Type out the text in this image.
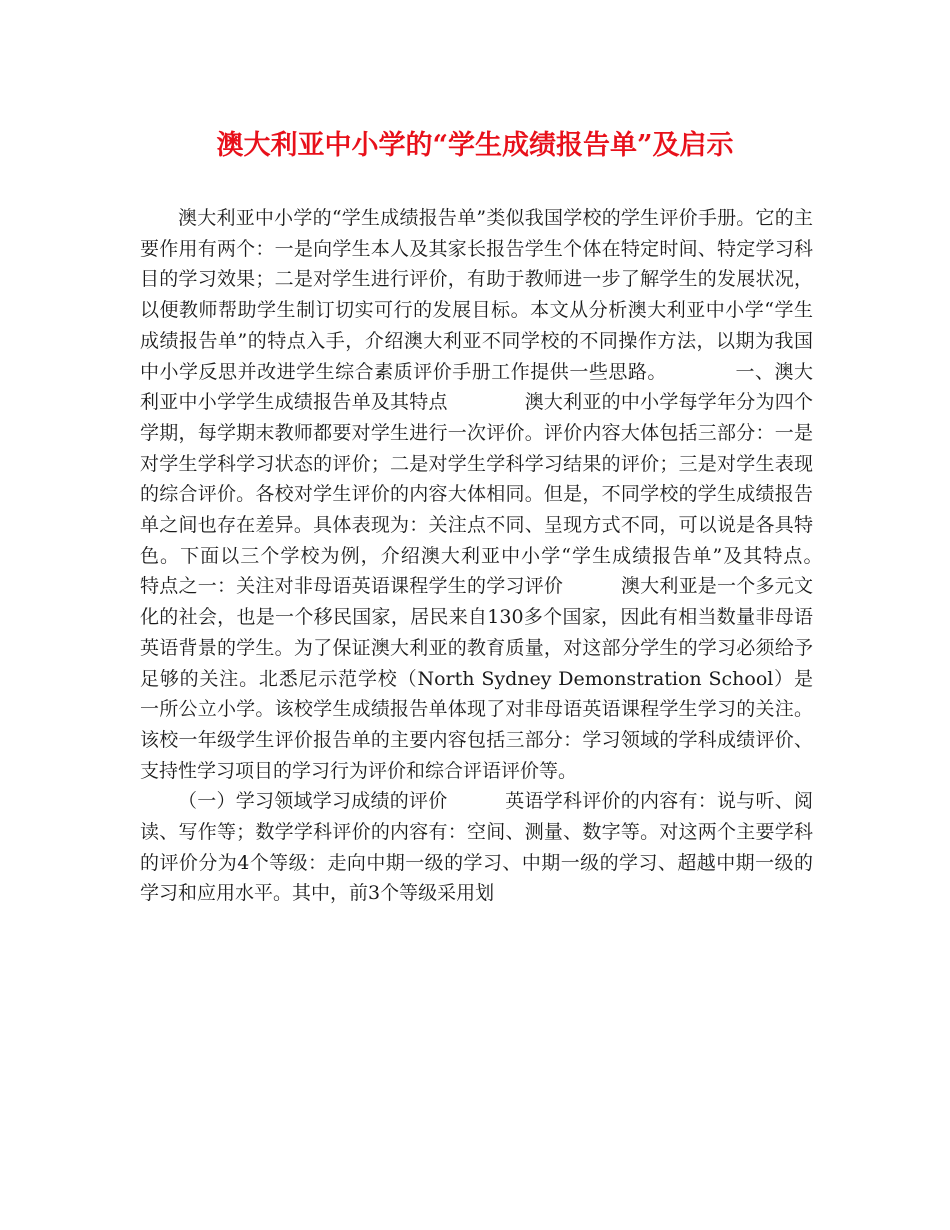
澳大利亚中小学的“学生成绩报告单”及启示

澳大利亚中小学的“学生成绩报告单”类似我国学校的学生评价手册。它的主要作用有两个：一是向学生本人及其家长报告学生个体在特定时间、特定学习科目的学习效果；二是对学生进行评价，有助于教师进一步了解学生的发展状况，以便教师帮助学生制订切实可行的发展目标。本文从分析澳大利亚中小学“学生成绩报告单”的特点入手，介绍澳大利亚不同学校的不同操作方法，以期为我国中小学反思并改进学生综合素质评价手册工作提供一些思路。　　　　一、澳大利亚中小学学生成绩报告单及其特点　　　　澳大利亚的中小学每学年分为四个学期，每学期末教师都要对学生进行一次评价。评价内容大体包括三部分：一是对学生学科学习状态的评价；二是对学生学科学习结果的评价；三是对学生表现的综合评价。各校对学生评价的内容大体相同。但是，不同学校的学生成绩报告单之间也存在差异。具体表现为：关注点不同、呈现方式不同，可以说是各具特色。下面以三个学校为例，介绍澳大利亚中小学“学生成绩报告单”及其特点。　　　特点之一：关注对非母语英语课程学生的学习评价　　　澳大利亚是一个多元文化的社会，也是一个移民国家，居民来自130多个国家，因此有相当数量非母语英语背景的学生。为了保证澳大利亚的教育质量，对这部分学生的学习必须给予足够的关注。北悉尼示范学校（North Sydney Demonstration School）是一所公立小学。该校学生成绩报告单体现了对非母语英语课程学生学习的关注。该校一年级学生评价报告单的主要内容包括三部分：学习领域的学科成绩评价、支持性学习项目的学习行为评价和综合评语评价等。

（一）学习领域学习成绩的评价　　　英语学科评价的内容有：说与听、阅读、写作等；数学学科评价的内容有：空间、测量、数字等。对这两个主要学科的评价分为4个等级：走向中期一级的学习、中期一级的学习、超越中期一级的学习和应用水平。其中，前3个等级采用划
